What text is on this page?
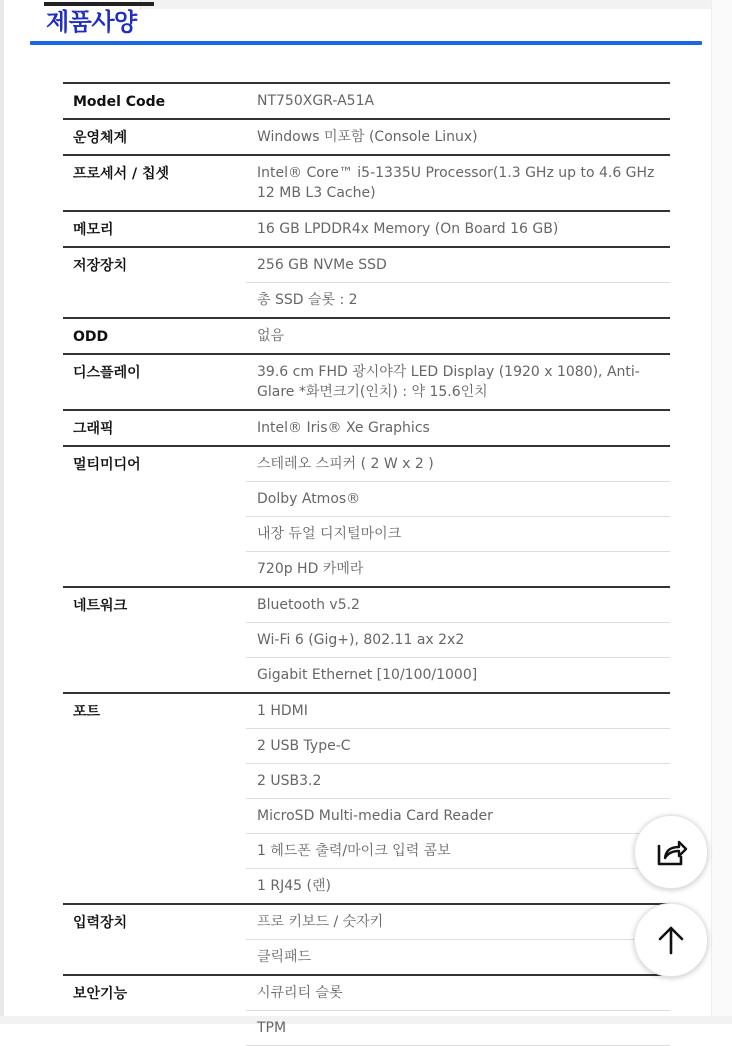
제품사양
Model Code	NT750XGR-A51A
운영체계	Windows 미포함 (Console Linux)
프로세서 / 칩셋	Intel® Core™ i5-1335U Processor(1.3 GHz up to 4.6 GHz 12 MB L3 Cache)
메모리	16 GB LPDDR4x Memory (On Board 16 GB)
저장장치	256 GB NVMe SSD
총 SSD 슬롯 : 2
ODD	없음
디스플레이	39.6 cm FHD 광시야각 LED Display (1920 x 1080), Anti-Glare *화면크기(인치) : 약 15.6인치
그래픽	Intel® Iris® Xe Graphics
멀티미디어	스테레오 스피커 ( 2 W x 2 )
Dolby Atmos®
내장 듀얼 디지털마이크
720p HD 카메라
네트워크	Bluetooth v5.2
Wi-Fi 6 (Gig+), 802.11 ax 2x2
Gigabit Ethernet [10/100/1000]
포트	1 HDMI
2 USB Type-C
2 USB3.2
MicroSD Multi-media Card Reader
1 헤드폰 출력/마이크 입력 콤보
1 RJ45 (랜)
입력장치	프로 키보드 / 숫자키
클릭패드
보안기능	시큐리티 슬롯
TPM
